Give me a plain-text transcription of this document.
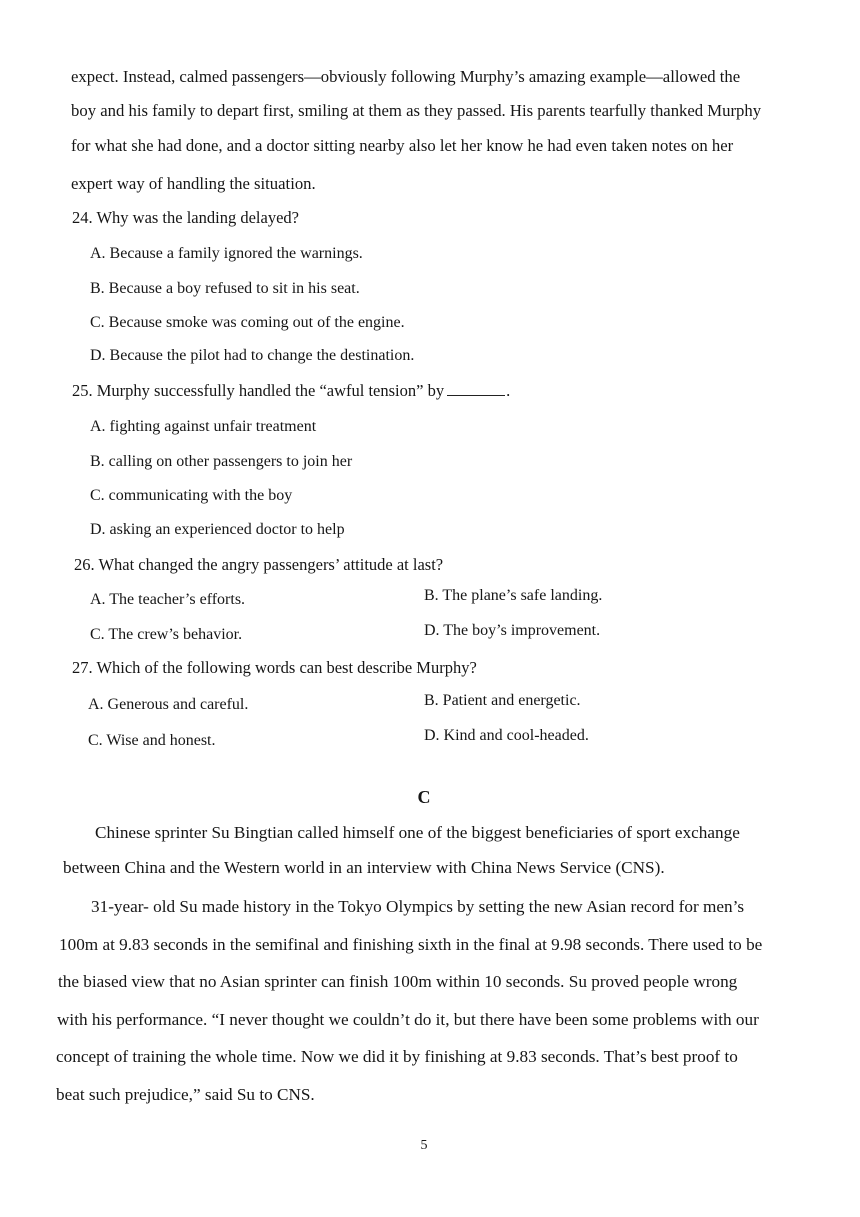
expect. Instead, calmed passengers—obviously following Murphy’s amazing example—allowed the
boy and his family to depart first, smiling at them as they passed. His parents tearfully thanked Murphy
for what she had done, and a doctor sitting nearby also let her know he had even taken notes on her
expert way of handling the situation.
24. Why was the landing delayed?
A. Because a family ignored the warnings.
B. Because a boy refused to sit in his seat.
C. Because smoke was coming out of the engine.
D. Because the pilot had to change the destination.
25. Murphy successfully handled the “awful tension” by	.
A. fighting against unfair treatment
B. calling on other passengers to join her
C. communicating with the boy
D. asking an experienced doctor to help
26. What changed the angry passengers’ attitude at last?
A. The teacher’s efforts.	B. The plane’s safe landing.
C. The crew’s behavior.	D. The boy’s improvement.
27. Which of the following words can best describe Murphy?
A. Generous and careful.	B. Patient and energetic.
C. Wise and honest.	D. Kind and cool-headed.
C
Chinese sprinter Su Bingtian called himself one of the biggest beneficiaries of sport exchange
between China and the Western world in an interview with China News Service (CNS).
31-year- old Su made history in the Tokyo Olympics by setting the new Asian record for men’s
100m at 9.83 seconds in the semifinal and finishing sixth in the final at 9.98 seconds. There used to be
the biased view that no Asian sprinter can finish 100m within 10 seconds. Su proved people wrong
with his performance. “I never thought we couldn’t do it, but there have been some problems with our
concept of training the whole time. Now we did it by finishing at 9.83 seconds. That’s best proof to
beat such prejudice,” said Su to CNS.
5
